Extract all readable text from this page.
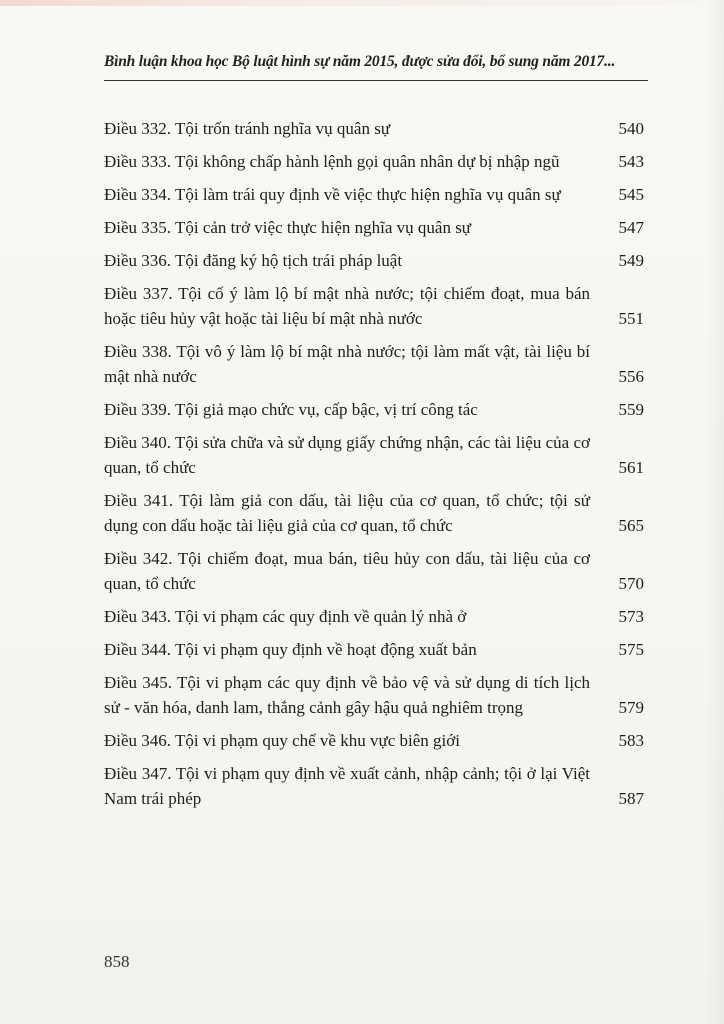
Bình luận khoa học Bộ luật hình sự năm 2015, được sửa đổi, bổ sung năm 2017...
Điều 332. Tội trốn tránh nghĩa vụ quân sự	540
Điều 333. Tội không chấp hành lệnh gọi quân nhân dự bị nhập ngũ	543
Điều 334. Tội làm trái quy định về việc thực hiện nghĩa vụ quân sự	545
Điều 335. Tội cản trở việc thực hiện nghĩa vụ quân sự	547
Điều 336. Tội đăng ký hộ tịch trái pháp luật	549
Điều 337. Tội cố ý làm lộ bí mật nhà nước; tội chiếm đoạt, mua bán hoặc tiêu hủy vật hoặc tài liệu bí mật nhà nước	551
Điều 338. Tội vô ý làm lộ bí mật nhà nước; tội làm mất vật, tài liệu bí mật nhà nước	556
Điều 339. Tội giả mạo chức vụ, cấp bậc, vị trí công tác	559
Điều 340. Tội sửa chữa và sử dụng giấy chứng nhận, các tài liệu của cơ quan, tổ chức	561
Điều 341. Tội làm giả con dấu, tài liệu của cơ quan, tổ chức; tội sử dụng con dấu hoặc tài liệu giả của cơ quan, tổ chức	565
Điều 342. Tội chiếm đoạt, mua bán, tiêu hủy con dấu, tài liệu của cơ quan, tổ chức	570
Điều 343. Tội vi phạm các quy định về quản lý nhà ở	573
Điều 344. Tội vi phạm quy định về hoạt động xuất bản	575
Điều 345. Tội vi phạm các quy định về bảo vệ và sử dụng di tích lịch sử - văn hóa, danh lam, thắng cảnh gây hậu quả nghiêm trọng	579
Điều 346. Tội vi phạm quy chế về khu vực biên giới	583
Điều 347. Tội vi phạm quy định về xuất cảnh, nhập cảnh; tội ở lại Việt Nam trái phép	587
858
